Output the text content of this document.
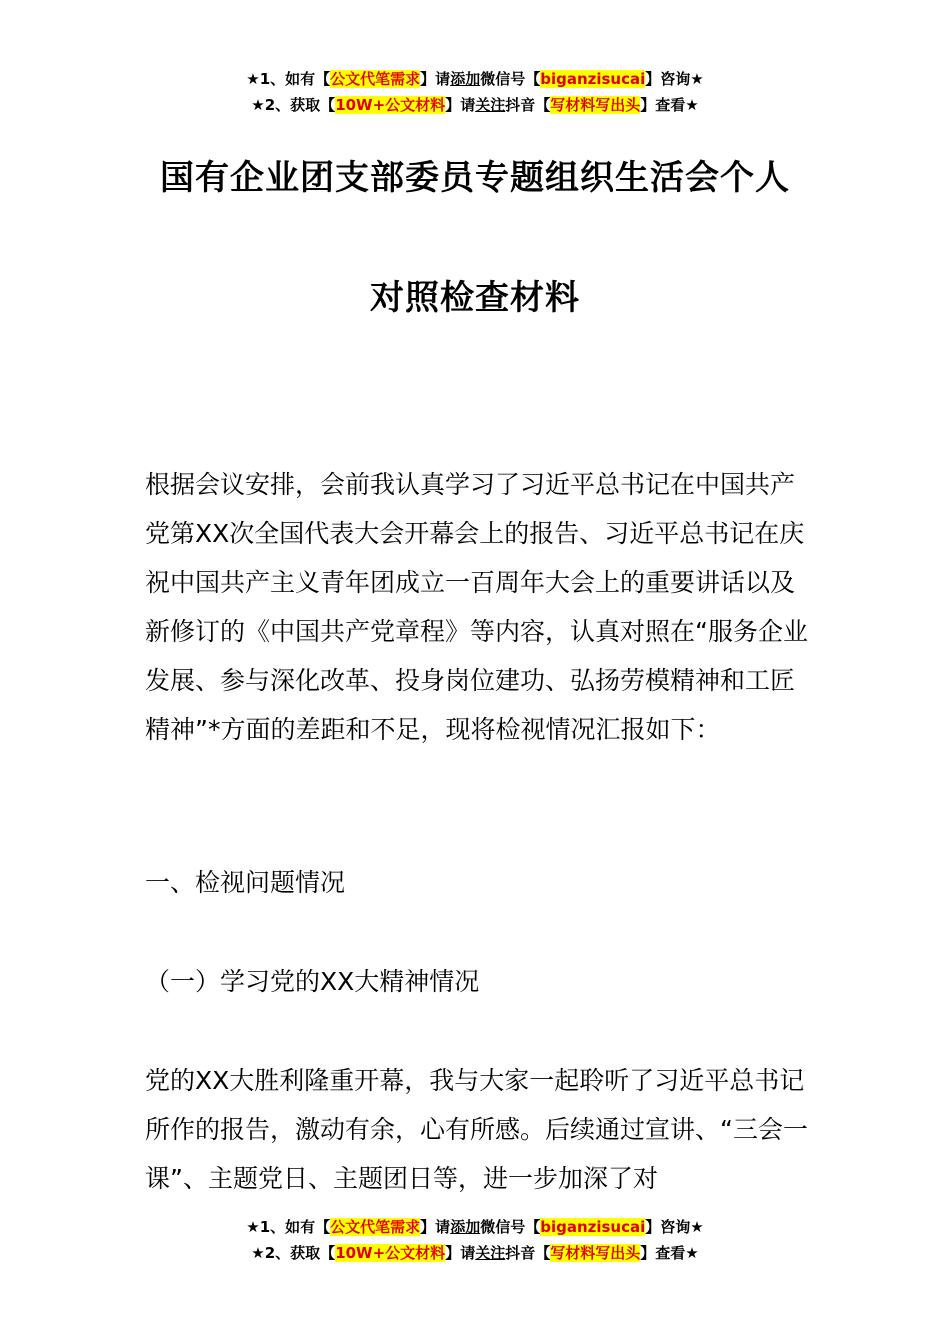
★1、如有【公文代笔需求】请添加微信号【biganzisucai】咨询★
★2、获取【10W+公文材料】请关注抖音【写材料写出头】查看★
国有企业团支部委员专题组织生活会个人
对照检查材料

根据会议安排，会前我认真学习了习近平总书记在中国共产党第XX次全国代表大会开幕会上的报告、习近平总书记在庆祝中国共产主义青年团成立一百周年大会上的重要讲话以及新修订的《中国共产党章程》等内容，认真对照在“服务企业发展、参与深化改革、投身岗位建功、弘扬劳模精神和工匠精神”*方面的差距和不足，现将检视情况汇报如下：

一、检视问题情况
（一）学习党的XX大精神情况

党的XX大胜利隆重开幕，我与大家一起聆听了习近平总书记所作的报告，激动有余，心有所感。后续通过宣讲、“三会一课”、主题党日、主题团日等，进一步加深了对

★1、如有【公文代笔需求】请添加微信号【biganzisucai】咨询★
★2、获取【10W+公文材料】请关注抖音【写材料写出头】查看★
